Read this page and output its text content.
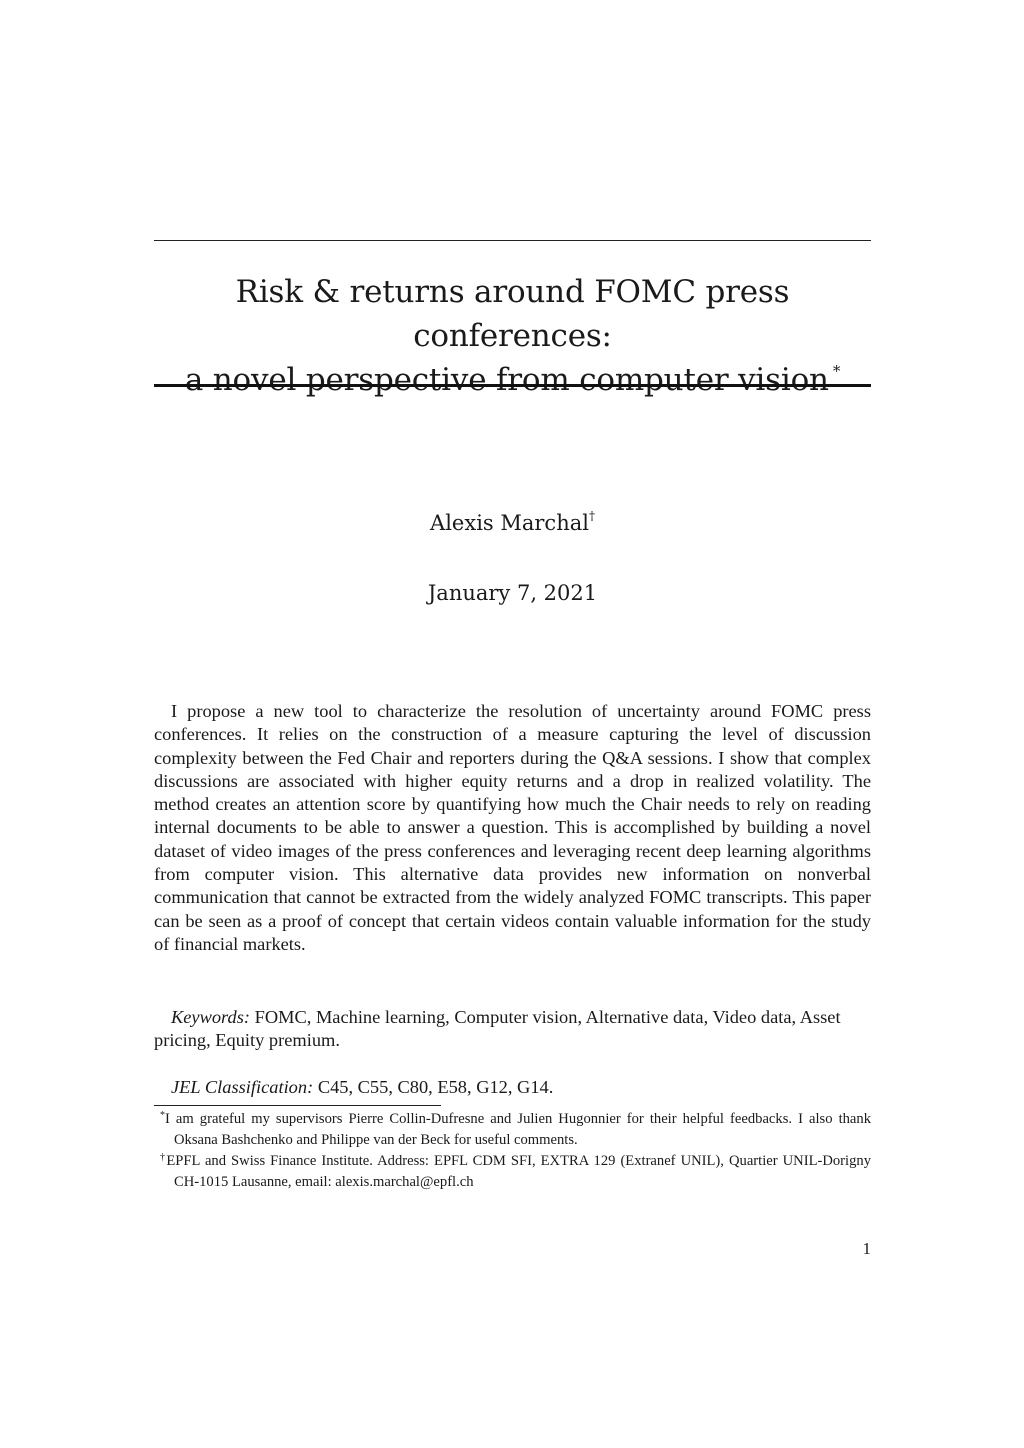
Risk & returns around FOMC press conferences:
a novel perspective from computer vision *
Alexis Marchal†
January 7, 2021

I propose a new tool to characterize the resolution of uncertainty around FOMC press conferences. It relies on the construction of a measure capturing the level of discussion complexity between the Fed Chair and reporters during the Q&A sessions. I show that complex discussions are associated with higher equity returns and a drop in realized volatility. The method creates an attention score by quantifying how much the Chair needs to rely on reading internal documents to be able to answer a question. This is accomplished by building a novel dataset of video images of the press conferences and leveraging recent deep learning algorithms from computer vision. This alternative data provides new information on nonverbal communication that cannot be extracted from the widely analyzed FOMC transcripts. This paper can be seen as a proof of concept that certain videos contain valuable information for the study of financial markets.

Keywords: FOMC, Machine learning, Computer vision, Alternative data, Video data, Asset pricing, Equity premium.

JEL Classification: C45, C55, C80, E58, G12, G14.

*I am grateful my supervisors Pierre Collin-Dufresne and Julien Hugonnier for their helpful feedbacks. I also thank Oksana Bashchenko and Philippe van der Beck for useful comments.

†EPFL and Swiss Finance Institute. Address: EPFL CDM SFI, EXTRA 129 (Extranef UNIL), Quartier UNIL-Dorigny CH-1015 Lausanne, email: alexis.marchal@epfl.ch

1
